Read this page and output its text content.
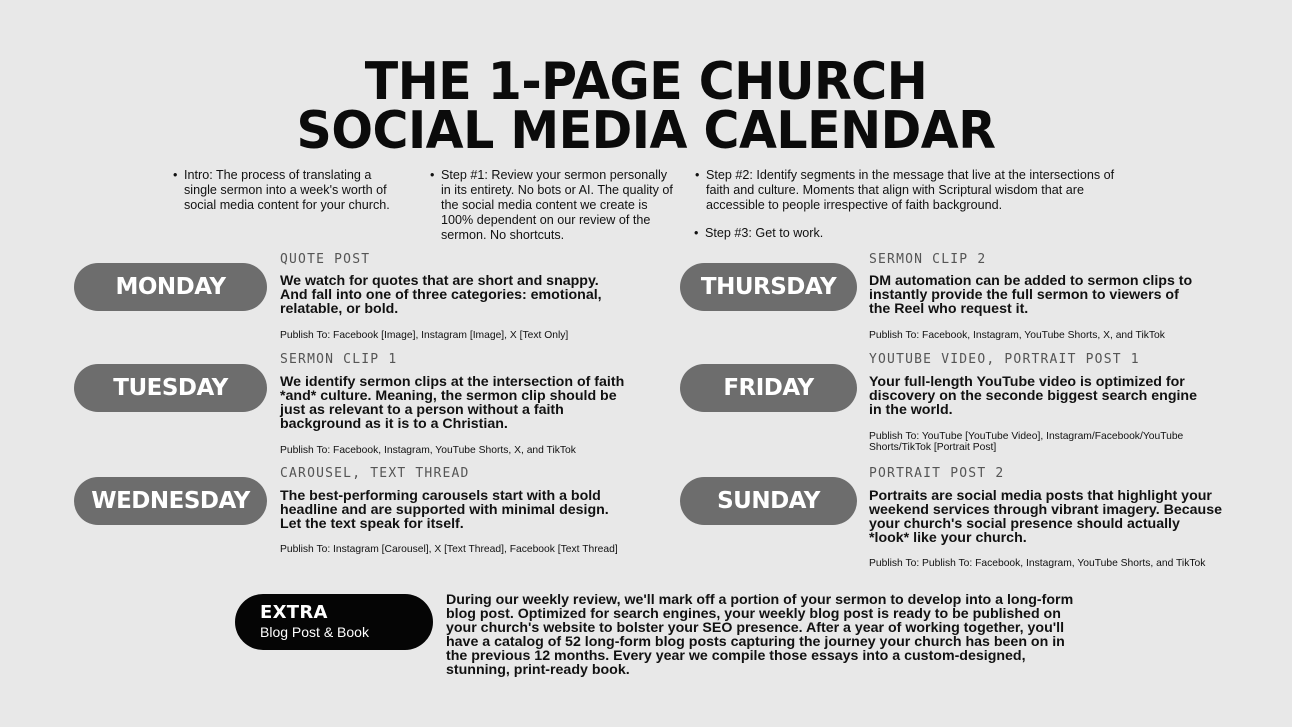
THE 1-PAGE CHURCH
SOCIAL MEDIA CALENDAR
• Intro: The process of translating a single sermon into a week's worth of social media content for your church.
• Step #1: Review your sermon personally in its entirety. No bots or AI. The quality of the social media content we create is 100% dependent on our review of the sermon. No shortcuts.
• Step #2: Identify segments in the message that live at the intersections of faith and culture. Moments that align with Scriptural wisdom that are accessible to people irrespective of faith background.
• Step #3: Get to work.
MONDAY
QUOTE POST
We watch for quotes that are short and snappy. And fall into one of three categories: emotional, relatable, or bold.
Publish To: Facebook [Image], Instagram [Image], X [Text Only]
TUESDAY
SERMON CLIP 1
We identify sermon clips at the intersection of faith *and* culture. Meaning, the sermon clip should be just as relevant to a person without a faith background as it is to a Christian.
Publish To: Facebook, Instagram, YouTube Shorts, X, and TikTok
WEDNESDAY
CAROUSEL, TEXT THREAD
The best-performing carousels start with a bold headline and are supported with minimal design. Let the text speak for itself.
Publish To: Instagram [Carousel], X [Text Thread], Facebook [Text Thread]
THURSDAY
SERMON CLIP 2
DM automation can be added to sermon clips to instantly provide the full sermon to viewers of the Reel who request it.
Publish To: Facebook, Instagram, YouTube Shorts, X, and TikTok
FRIDAY
YOUTUBE VIDEO, PORTRAIT POST 1
Your full-length YouTube video is optimized for discovery on the seconde biggest search engine in the world.
Publish To: YouTube [YouTube Video], Instagram/Facebook/YouTube Shorts/TikTok [Portrait Post]
SUNDAY
PORTRAIT POST 2
Portraits are social media posts that highlight your weekend services through vibrant imagery. Because your church's social presence should actually *look* like your church.
Publish To: Publish To: Facebook, Instagram, YouTube Shorts, and TikTok
EXTRA
Blog Post & Book
During our weekly review, we'll mark off a portion of your sermon to develop into a long-form blog post. Optimized for search engines, your weekly blog post is ready to be published on your church's website to bolster your SEO presence. After a year of working together, you'll have a catalog of 52 long-form blog posts capturing the journey your church has been on in the previous 12 months. Every year we compile those essays into a custom-designed, stunning, print-ready book.
